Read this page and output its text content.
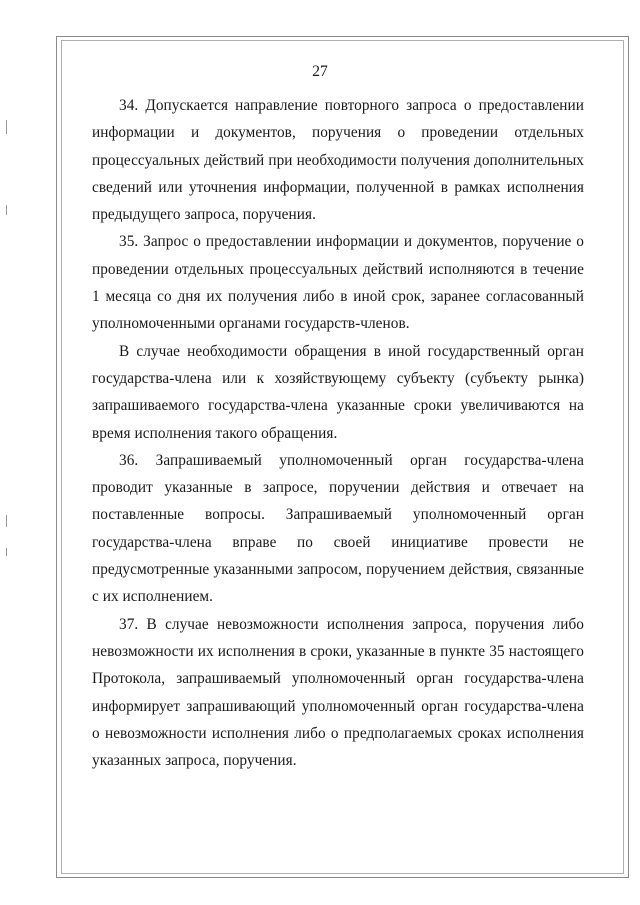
27

34. Допускается направление повторного запроса о предоставлении информации и документов, поручения о проведении отдельных процессуальных действий при необходимости получения дополнительных сведений или уточнения информации, полученной в рамках исполнения предыдущего запроса, поручения.

35. Запрос о предоставлении информации и документов, поручение о проведении отдельных процессуальных действий исполняются в течение 1 месяца со дня их получения либо в иной срок, заранее согласованный уполномоченными органами государств-членов.

В случае необходимости обращения в иной государственный орган государства-члена или к хозяйствующему субъекту (субъекту рынка) запрашиваемого государства-члена указанные сроки увеличиваются на время исполнения такого обращения.

36. Запрашиваемый уполномоченный орган государства-члена проводит указанные в запросе, поручении действия и отвечает на поставленные вопросы. Запрашиваемый уполномоченный орган государства-члена вправе по своей инициативе провести не предусмотренные указанными запросом, поручением действия, связанные с их исполнением.

37. В случае невозможности исполнения запроса, поручения либо невозможности их исполнения в сроки, указанные в пункте 35 настоящего Протокола, запрашиваемый уполномоченный орган государства-члена информирует запрашивающий уполномоченный орган государства-члена о невозможности исполнения либо о предполагаемых сроках исполнения указанных запроса, поручения.
